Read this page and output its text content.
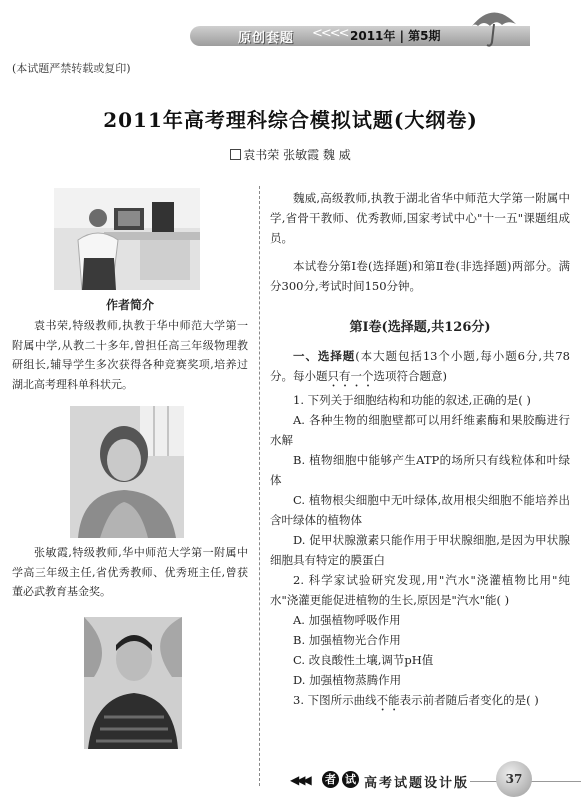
原创套题 <<<< 2011年 | 第5期
(本试题严禁转载或复印)
2011年高考理科综合模拟试题(大纲卷)
袁书荣 张敏霞 魏 威
作者简介
袁书荣,特级教师,执教于华中师范大学第一附属中学,从教二十多年,曾担任高三年级物理教研组长,辅导学生多次获得各种竞赛奖项,培养过湖北高考理科单科状元。
张敏霞,特级教师,华中师范大学第一附属中学高三年级主任,省优秀教师、优秀班主任,曾获董必武教育基金奖。

魏威,高级教师,执教于湖北省华中师范大学第一附属中学,省骨干教师、优秀教师,国家考试中心"十一五"课题组成员。

本试卷分第Ⅰ卷(选择题)和第Ⅱ卷(非选择题)两部分。满分300分,考试时间150分钟。

第Ⅰ卷(选择题,共126分)

一、选择题(本大题包括13个小题,每小题6分,共78分。每小题只有一个选项符合题意)

1. 下列关于细胞结构和功能的叙述,正确的是( )

A. 各种生物的细胞壁都可以用纤维素酶和果胶酶进行水解

B. 植物细胞中能够产生ATP的场所只有线粒体和叶绿体

C. 植物根尖细胞中无叶绿体,故用根尖细胞不能培养出含叶绿体的植物体

D. 促甲状腺激素只能作用于甲状腺细胞,是因为甲状腺细胞具有特定的膜蛋白

2. 科学家试验研究发现,用"汽水"浇灌植物比用"纯水"浇灌更能促进植物的生长,原因是"汽水"能( )

A. 加强植物呼吸作用

B. 加强植物光合作用

C. 改良酸性土壤,调节pH值

D. 加强植物蒸腾作用

3. 下图所示曲线不能表示前者随后者变化的是( )

◀◀◀ 者 试 高考试题设计版	37
